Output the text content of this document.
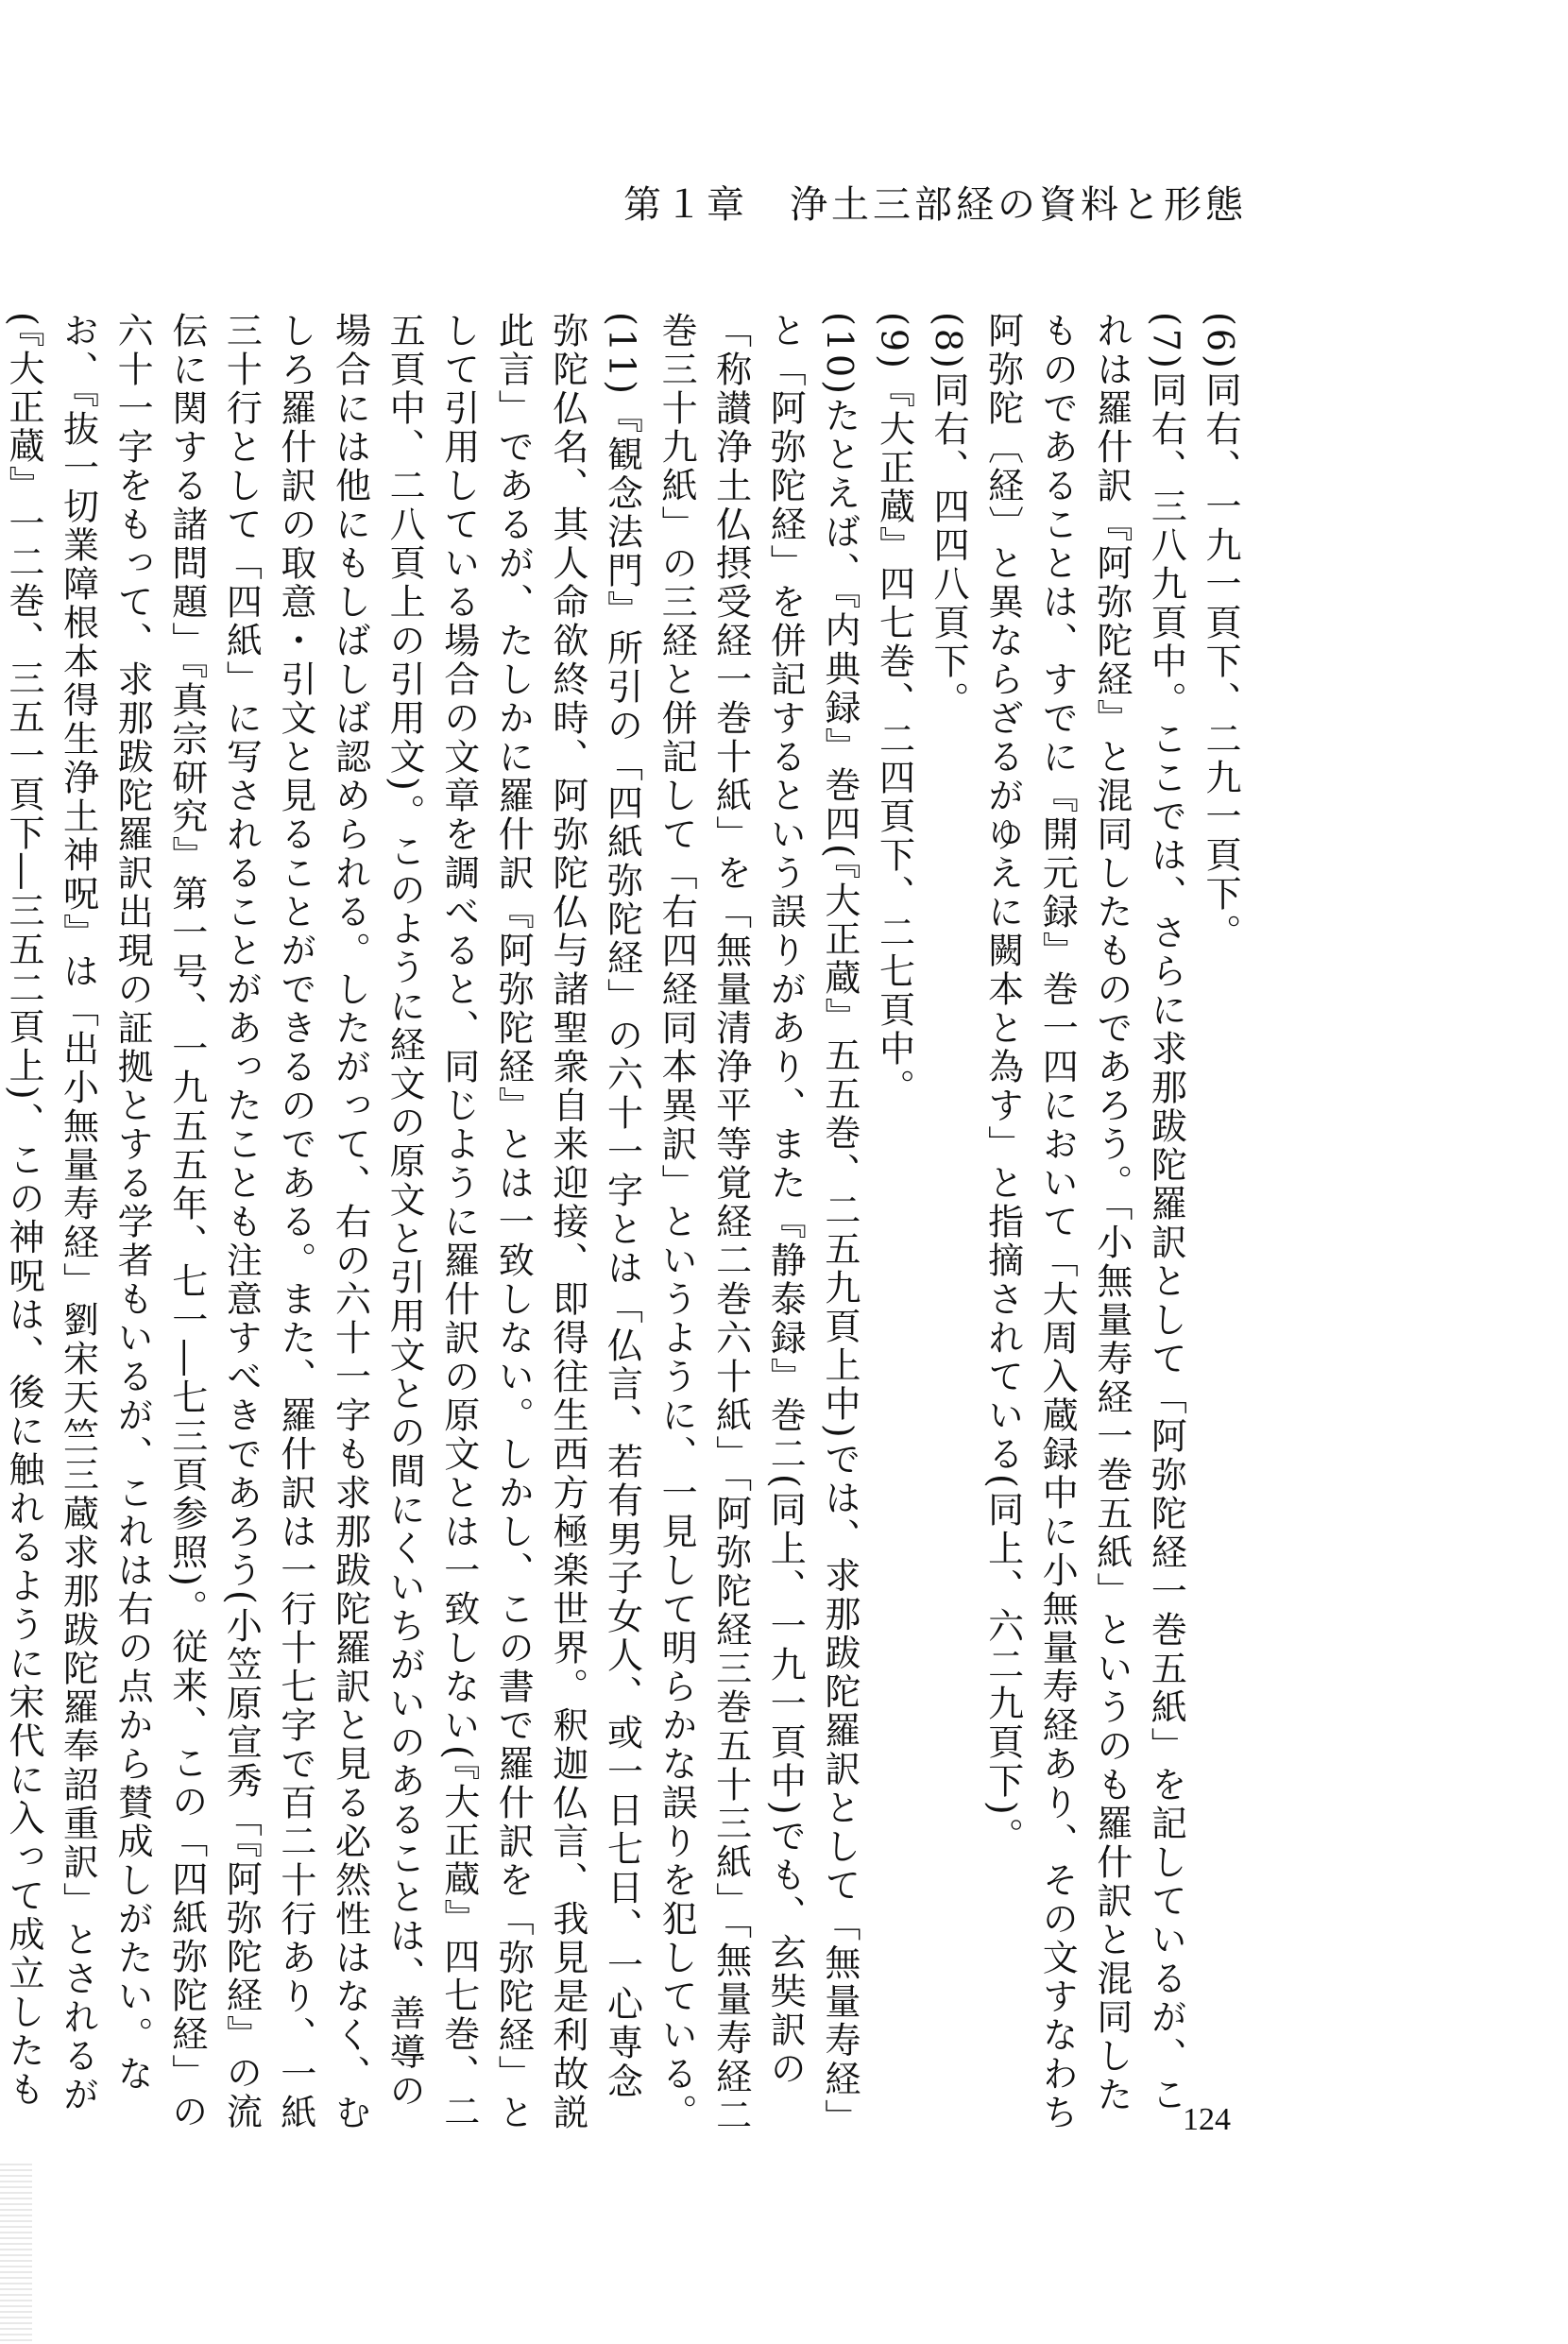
第１章　浄土三部経の資料と形態

(6)同右、一九一頁下、二九一頁下。

(7)同右、三八九頁中。ここでは、さらに求那跋陀羅訳として「阿弥陀経一巻五紙」を記しているが、これは羅什訳『阿弥陀経』と混同したものであろう。「小無量寿経一巻五紙」というのも羅什訳と混同したものであることは、すでに『開元録』巻一四において「大周入蔵録中に小無量寿経あり、その文すなわち阿弥陀〔経〕と異ならざるがゆえに闕本と為す」と指摘されている(同上、六二九頁下)。

(8)同右、四四八頁下。

(9)『大正蔵』四七巻、二四頁下、二七頁中。

(10)たとえば、『内典録』巻四(『大正蔵』五五巻、二五九頁上中)では、求那跋陀羅訳として「無量寿経」と「阿弥陀経」を併記するという誤りがあり、また『静泰録』巻二(同上、一九一頁中)でも、玄奘訳の「称讃浄土仏摂受経一巻十紙」を「無量清浄平等覚経二巻六十紙」「阿弥陀経三巻五十三紙」「無量寿経二巻三十九紙」の三経と併記して「右四経同本異訳」というように、一見して明らかな誤りを犯している。

(11)『観念法門』所引の「四紙弥陀経」の六十一字とは「仏言、若有男子女人、或一日七日、一心専念弥陀仏名、其人命欲終時、阿弥陀仏与諸聖衆自来迎接、即得往生西方極楽世界。釈迦仏言、我見是利故説此言」であるが、たしかに羅什訳『阿弥陀経』とは一致しない。しかし、この書で羅什訳を「弥陀経」として引用している場合の文章を調べると、同じように羅什訳の原文とは一致しない(『大正蔵』四七巻、二五頁中、二八頁上の引用文)。このように経文の原文と引用文との間にくいちがいのあることは、善導の場合には他にもしばしば認められる。したがって、右の六十一字も求那跋陀羅訳と見る必然性はなく、むしろ羅什訳の取意・引文と見ることができるのである。また、羅什訳は一行十七字で百二十行あり、一紙三十行として「四紙」に写されることがあったことも注意すべきであろう(小笠原宣秀「『阿弥陀経』の流伝に関する諸問題」『真宗研究』第一号、一九五五年、七一―七三頁参照)。従来、この「四紙弥陀経」の六十一字をもって、求那跋陀羅訳出現の証拠とする学者もいるが、これは右の点から賛成しがたい。なお、『抜一切業障根本得生浄土神呪』は「出小無量寿経」劉宋天竺三蔵求那跋陀羅奉詔重訳」とされるが(『大正蔵』一二巻、三五一頁下―三五二頁上)、この神呪は、後に触れるように宋代に入って成立したも

124
